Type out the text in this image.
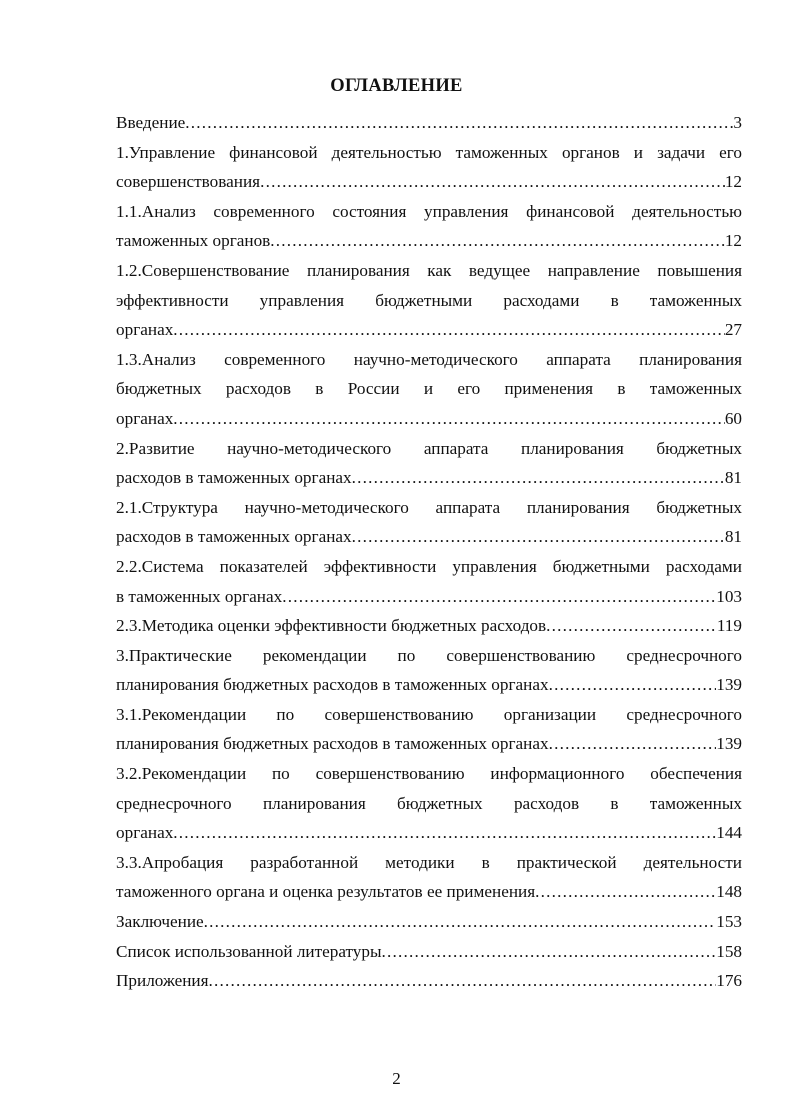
ОГЛАВЛЕНИЕ
Введение .....	3
1.Управление финансовой деятельностью таможенных органов и задачи его
совершенствования .....	12
1.1.Анализ современного состояния управления финансовой деятельностью
таможенных органов .....	12
1.2.Совершенствование планирования как ведущее направление повышения
эффективности управления бюджетными расходами в таможенных
органах .....	27
1.3.Анализ современного научно-методического аппарата планирования
бюджетных расходов в России и его применения в таможенных
органах .....	60
2.Развитие научно-методического аппарата планирования бюджетных
расходов в таможенных органах .....	81
2.1.Структура научно-методического аппарата планирования бюджетных
расходов в таможенных органах .....	81
2.2.Система показателей эффективности управления бюджетными расходами
в таможенных органах .....	103
2.3.Методика оценки эффективности бюджетных расходов .....	119
3.Практические рекомендации по совершенствованию среднесрочного
планирования бюджетных расходов в таможенных органах .....	139
3.1.Рекомендации по совершенствованию организации среднесрочного
планирования бюджетных расходов в таможенных органах .....	139
3.2.Рекомендации по совершенствованию информационного обеспечения
среднесрочного планирования бюджетных расходов в таможенных
органах .....	144
3.3.Апробация разработанной методики в практической деятельности
таможенного органа и оценка результатов ее применения .....	148
Заключение .....	153
Список использованной литературы .....	158
Приложения .....	176
2
